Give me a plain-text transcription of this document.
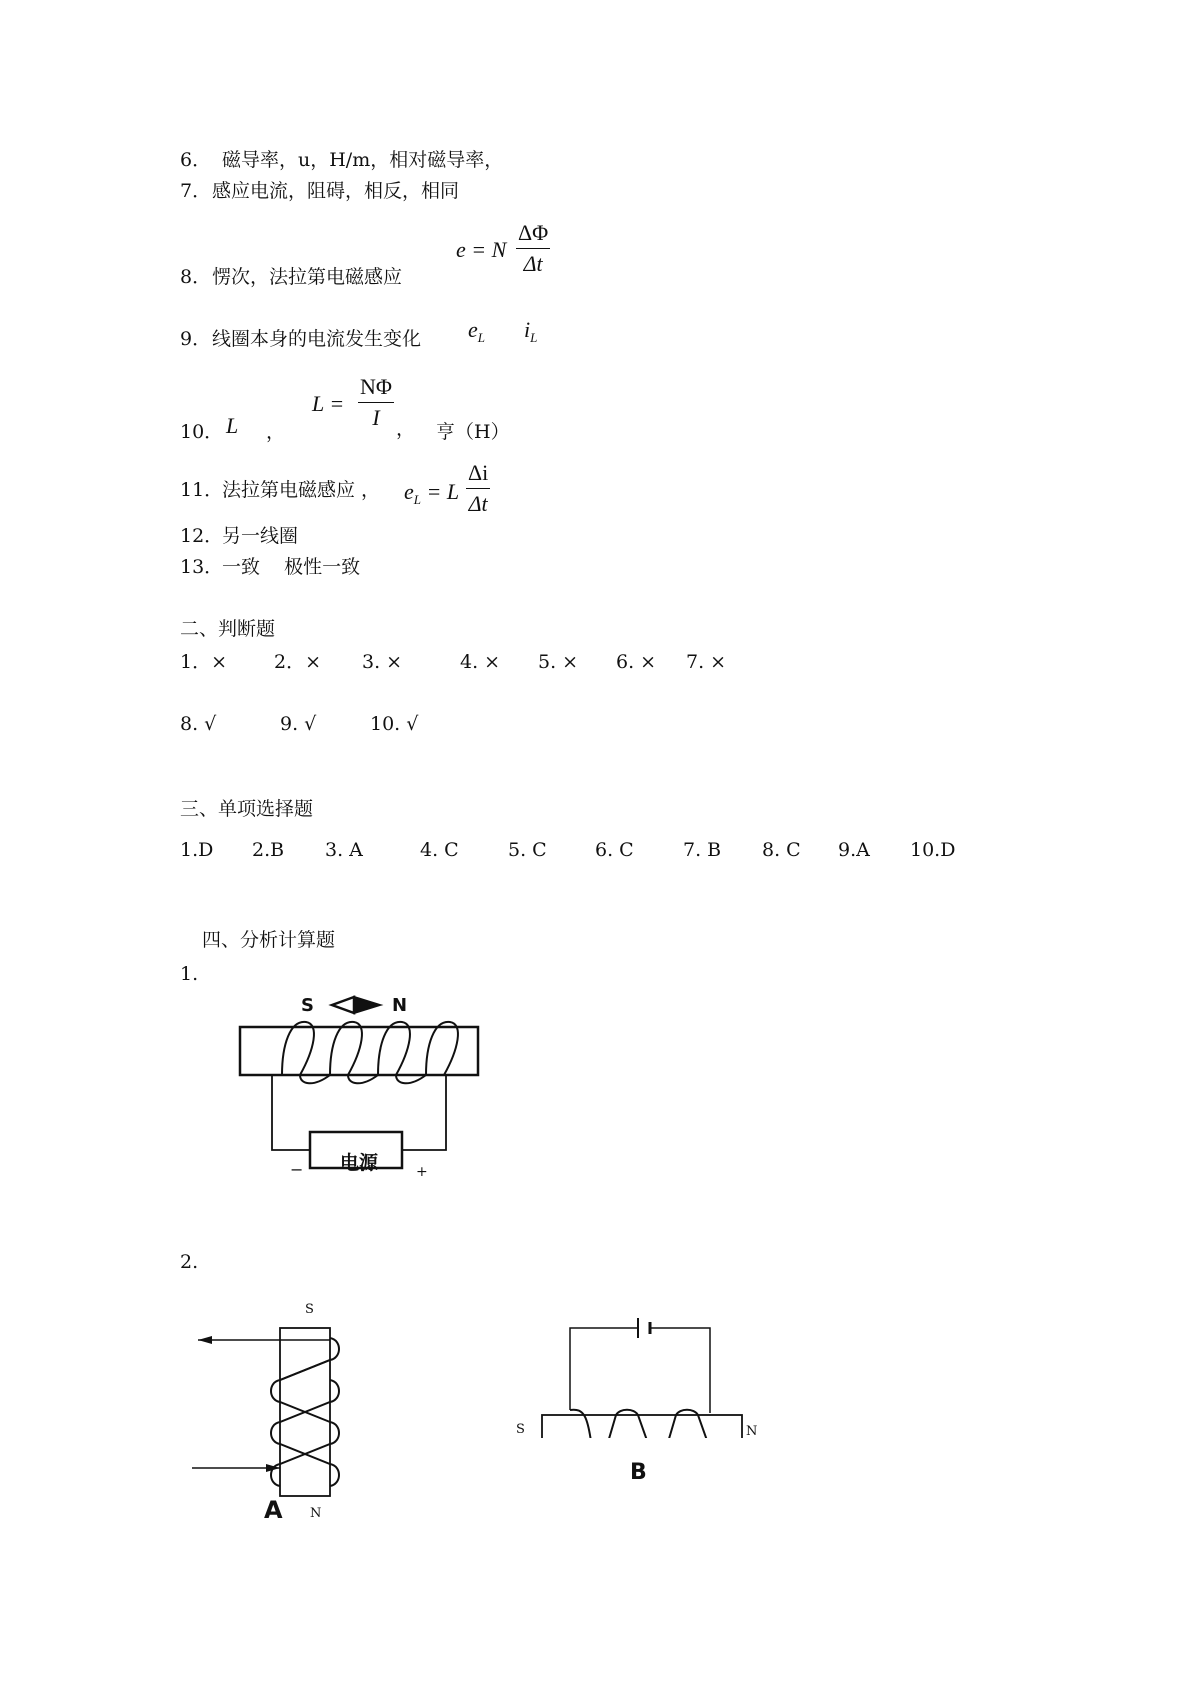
6． 磁导率，u，H/m，相对磁导率，
7． 感应电流，阻碍，相反，相同
8． 愣次，法拉第电磁感应
e = N $\frac{\Delta\Phi}{\Delta t}$
9． 线圈本身的电流发生变化 $e_L$ $i_L$
10． L ，
$L = \frac{N\Phi}{I}$ ， 亨（H）
11．
法拉第电磁感应 ， $e_L = L \frac{\Delta i}{\Delta t}$
12．
另一线圈
13．
一致    极性一致
二、判断题
1．× 2．× 3. ×	4. × 5. × 6. × 7. ×
8. √	9. √	10. √
三、单项选择题
1.D 2.B 3. A	4. C	5. C	6. C	7. B 8. C 9.A 10.D
四、分析计算题
1.
S	N
电源
−	+
2.
S
N
A
S	N
B
